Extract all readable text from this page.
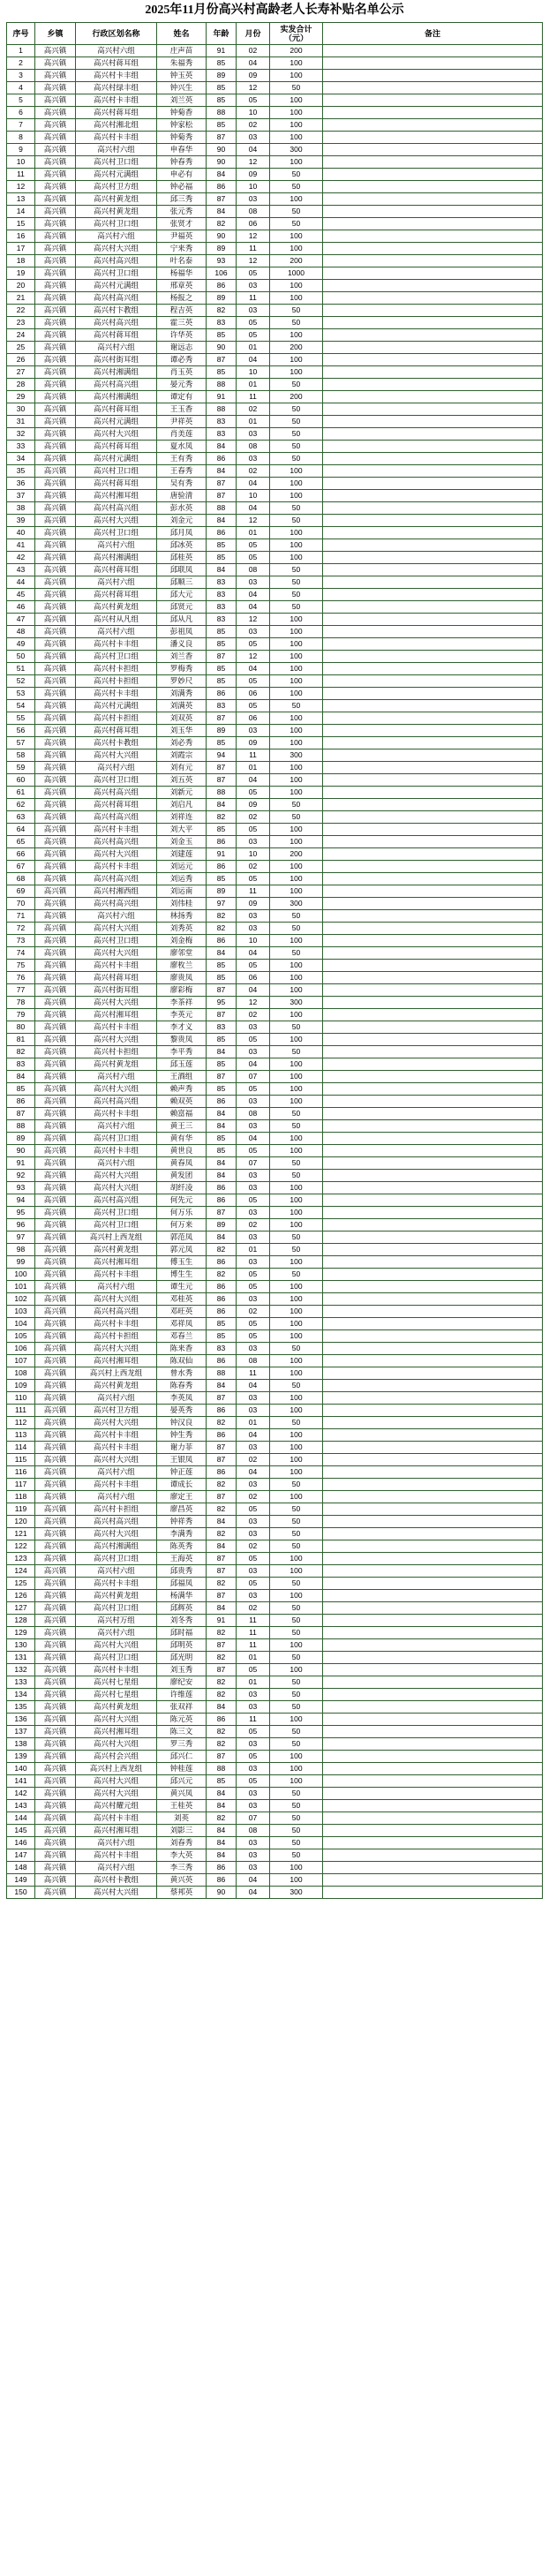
2025年11月份高兴村高龄老人长寿补贴名单公示
序号	乡镇	行政区划名称	姓名	年龄	月份	实发合计
（元）	备注
1	高兴镇	高兴村六组	庄声苗	91	02	200	
2	高兴镇	高兴村蒋耳组	朱福秀	85	04	100	
3	高兴镇	高兴村卡丰组	钟玉英	89	09	100	
4	高兴镇	高兴村绿丰组	钟兴生	85	12	50	
5	高兴镇	高兴村卡丰组	刘兰英	85	05	100	
6	高兴镇	高兴村蒋耳组	钟菊香	88	10	100	
7	高兴镇	高兴村湘北组	钟家松	85	02	100	
8	高兴镇	高兴村卡丰组	钟菊秀	87	03	100	
9	高兴镇	高兴村六组	申春华	90	04	300	
10	高兴镇	高兴村卫口组	钟春秀	90	12	100	
11	高兴镇	高兴村元满组	申必有	84	09	50	
12	高兴镇	高兴村卫方组	钟必福	86	10	50	
13	高兴镇	高兴村黄龙组	邱三秀	87	03	100	
14	高兴镇	高兴村黄龙组	张元秀	84	08	50	
15	高兴镇	高兴村卫口组	张贤才	82	06	50	
16	高兴镇	高兴村六组	尹福英	90	12	100	
17	高兴镇	高兴村大兴组	宁来秀	89	11	100	
18	高兴镇	高兴村高兴组	叶名泰	93	12	200	
19	高兴镇	高兴村卫口组	杨福华	106	05	1000	
20	高兴镇	高兴村元满组	邢章英	86	03	100	
21	高兴镇	高兴村高兴组	杨报之	89	11	100	
22	高兴镇	高兴村卞教组	程吉英	82	03	50	
23	高兴镇	高兴村高兴组	霍三英	83	05	50	
24	高兴镇	高兴村蒋耳组	许华英	85	05	100	
25	高兴镇	高兴村六组	谢远志	90	01	200	
26	高兴镇	高兴村街耳组	谭必秀	87	04	100	
27	高兴镇	高兴村湘满组	肖玉英	85	10	100	
28	高兴镇	高兴村高兴组	晏元秀	88	01	50	
29	高兴镇	高兴村湘满组	谭定有	91	11	200	
30	高兴镇	高兴村蒋耳组	王玉香	88	02	50	
31	高兴镇	高兴村元满组	尹祥英	83	01	50	
32	高兴镇	高兴村大兴组	肖美莲	83	03	50	
33	高兴镇	高兴村蒋耳组	夏水凤	84	08	50	
34	高兴镇	高兴村元满组	王有秀	86	03	50	
35	高兴镇	高兴村卫口组	王春秀	84	02	100	
36	高兴镇	高兴村蒋耳组	吴有秀	87	04	100	
37	高兴镇	高兴村湘耳组	唐验清	87	10	100	
38	高兴镇	高兴村高兴组	彭水英	88	04	50	
39	高兴镇	高兴村大兴组	刘金元	84	12	50	
40	高兴镇	高兴村卫口组	邱月凤	86	01	100	
41	高兴镇	高兴村六组	邱冰英	85	05	100	
42	高兴镇	高兴村湘满组	邱桂英	85	05	100	
43	高兴镇	高兴村蒋耳组	邱联凤	84	08	50	
44	高兴镇	高兴村六组	邱顺三	83	03	50	
45	高兴镇	高兴村蒋耳组	邱大元	83	04	50	
46	高兴镇	高兴村黄龙组	邱贤元	83	04	50	
47	高兴镇	高兴村从凡组	邱从凡	83	12	100	
48	高兴镇	高兴村六组	彭祖凤	85	03	100	
49	高兴镇	高兴村卡丰组	潘义良	85	05	100	
50	高兴镇	高兴村卫口组	刘兰香	87	12	100	
51	高兴镇	高兴村卡担组	罗梅秀	85	04	100	
52	高兴镇	高兴村卡担组	罗妙尺	85	05	100	
53	高兴镇	高兴村卡丰组	刘满秀	86	06	100	
54	高兴镇	高兴村元满组	刘满英	83	05	50	
55	高兴镇	高兴村卡担组	刘双英	87	06	100	
56	高兴镇	高兴村蒋耳组	刘玉华	89	03	100	
57	高兴镇	高兴村卡教组	刘必秀	85	09	100	
58	高兴镇	高兴村大兴组	刘霞宗	94	11	300	
59	高兴镇	高兴村六组	刘有元	87	01	100	
60	高兴镇	高兴村卫口组	刘五英	87	04	100	
61	高兴镇	高兴村高兴组	刘新元	88	05	100	
62	高兴镇	高兴村蒋耳组	刘启凡	84	09	50	
63	高兴镇	高兴村高兴组	刘祥连	82	02	50	
64	高兴镇	高兴村卡丰组	刘大平	85	05	100	
65	高兴镇	高兴村高兴组	刘金玉	86	03	100	
66	高兴镇	高兴村大兴组	刘建莲	91	10	200	
67	高兴镇	高兴村卡丰组	刘运元	86	02	100	
68	高兴镇	高兴村高兴组	刘运秀	85	05	100	
69	高兴镇	高兴村湘西组	刘运南	89	11	100	
70	高兴镇	高兴村高兴组	刘伟桂	97	09	300	
71	高兴镇	高兴村六组	林扬秀	82	03	50	
72	高兴镇	高兴村大兴组	刘秀英	82	03	50	
73	高兴镇	高兴村卫口组	刘金梅	86	10	100	
74	高兴镇	高兴村大兴组	廖邻堂	84	04	50	
75	高兴镇	高兴村卡丰组	廖枚兰	85	05	100	
76	高兴镇	高兴村蒋耳组	廖贵凤	85	06	100	
77	高兴镇	高兴村街耳组	廖彩梅	87	04	100	
78	高兴镇	高兴村大兴组	李茶祥	95	12	300	
79	高兴镇	高兴村湘耳组	李英元	87	02	100	
80	高兴镇	高兴村卡丰组	李才义	83	03	50	
81	高兴镇	高兴村大兴组	黎贵凤	85	05	100	
82	高兴镇	高兴村卡担组	李平秀	84	03	50	
83	高兴镇	高兴村黄龙组	邱玉莲	85	04	100	
84	高兴镇	高兴村六组	王酒组	87	07	100	
85	高兴镇	高兴村大兴组	赖声秀	85	05	100	
86	高兴镇	高兴村高兴组	赖双英	86	03	100	
87	高兴镇	高兴村卡丰组	赖富福	84	08	50	
88	高兴镇	高兴村六组	黄王三	84	03	50	
89	高兴镇	高兴村卫口组	黄有华	85	04	100	
90	高兴镇	高兴村卡丰组	黄世良	85	05	100	
91	高兴镇	高兴村六组	黄春凤	84	07	50	
92	高兴镇	高兴村大兴组	黄发团	84	03	50	
93	高兴镇	高兴村大兴组	胡纤凌	86	03	100	
94	高兴镇	高兴村高兴组	何先元	86	05	100	
95	高兴镇	高兴村卫口组	何万乐	87	03	100	
96	高兴镇	高兴村卫口组	何万来	89	02	100	
97	高兴镇	高兴村上西龙组	郭范凤	84	03	50	
98	高兴镇	高兴村黄龙组	郭元凤	82	01	50	
99	高兴镇	高兴村湘耳组	傅玉生	86	03	100	
100	高兴镇	高兴村卡丰组	博生生	82	05	50	
101	高兴镇	高兴村六组	谭生元	86	05	100	
102	高兴镇	高兴村大兴组	邓桂英	86	03	100	
103	高兴镇	高兴村高兴组	邓旺英	86	02	100	
104	高兴镇	高兴村卡丰组	邓祥凤	85	05	100	
105	高兴镇	高兴村卡担组	邓春兰	85	05	100	
106	高兴镇	高兴村大兴组	陈来香	83	03	50	
107	高兴镇	高兴村湘耳组	陈双仙	86	08	100	
108	高兴镇	高兴村上西龙组	曾水秀	88	11	100	
109	高兴镇	高兴村黄龙组	陈春秀	84	04	50	
110	高兴镇	高兴村六组	李英凤	87	03	100	
111	高兴镇	高兴村卫方组	晏英秀	86	03	100	
112	高兴镇	高兴村大兴组	钟汉良	82	01	50	
113	高兴镇	高兴村卡丰组	钟生秀	86	04	100	
114	高兴镇	高兴村卡丰组	谢力菲	87	03	100	
115	高兴镇	高兴村大兴组	王银凤	87	02	100	
116	高兴镇	高兴村六组	钟正莲	86	04	100	
117	高兴镇	高兴村卡丰组	谭成长	82	03	50	
118	高兴镇	高兴村六组	廖定王	87	02	100	
119	高兴镇	高兴村卡担组	廖昌英	82	05	50	
120	高兴镇	高兴村高兴组	钟祥秀	84	03	50	
121	高兴镇	高兴村大兴组	李满秀	82	03	50	
122	高兴镇	高兴村湘满组	陈英秀	84	02	50	
123	高兴镇	高兴村卫口组	王海英	87	05	100	
124	高兴镇	高兴村六组	邱贵秀	87	03	100	
125	高兴镇	高兴村卡丰组	邱福凤	82	05	50	
126	高兴镇	高兴村黄龙组	杨满华	87	03	100	
127	高兴镇	高兴村卫口组	邱辉英	84	02	50	
128	高兴镇	高兴村万组	刘冬秀	91	11	50	
129	高兴镇	高兴村六组	邱时福	82	11	50	
130	高兴镇	高兴村大兴组	邱明英	87	11	100	
131	高兴镇	高兴村卫口组	邱光明	82	01	50	
132	高兴镇	高兴村卡丰组	刘玉秀	87	05	100	
133	高兴镇	高兴村七星组	廖纪安	82	01	50	
134	高兴镇	高兴村七星组	许维莲	82	03	50	
135	高兴镇	高兴村黄龙组	张双祥	84	03	50	
136	高兴镇	高兴村大兴组	陈元英	86	11	100	
137	高兴镇	高兴村湘耳组	陈三文	82	05	50	
138	高兴镇	高兴村大兴组	罗三秀	82	03	50	
139	高兴镇	高兴村会兴组	邱兴仁	87	05	100	
140	高兴镇	高兴村上西龙组	钟桂莲	88	03	100	
141	高兴镇	高兴村大兴组	邱兴元	85	05	100	
142	高兴镇	高兴村大兴组	黄兴凤	84	03	50	
143	高兴镇	高兴村耀元组	王桂英	84	03	50	
144	高兴镇	高兴村卡丰组	刘英	82	07	50	
145	高兴镇	高兴村湘耳组	刘影三	84	08	50	
146	高兴镇	高兴村六组	刘春秀	84	03	50	
147	高兴镇	高兴村卡丰组	李大英	84	03	50	
148	高兴镇	高兴村六组	李三秀	86	03	100	
149	高兴镇	高兴村卡教组	黄兴英	86	04	100	
150	高兴镇	高兴村大兴组	蔡邦英	90	04	300	
